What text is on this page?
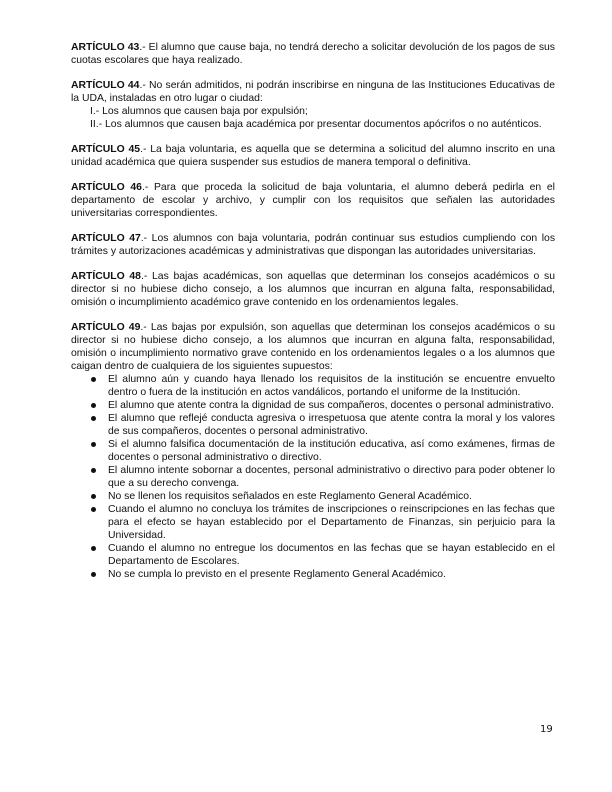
ARTÍCULO 43.- El alumno que cause baja, no tendrá derecho a solicitar devolución de los pagos de sus cuotas escolares que haya realizado.

ARTÍCULO 44.- No serán admitidos, ni podrán inscribirse en ninguna de las Instituciones Educativas de la UDA, instaladas en otro lugar o ciudad:
I.- Los alumnos que causen baja por expulsión;
II.- Los alumnos que causen baja académica por presentar documentos apócrifos o no auténticos.

ARTÍCULO 45.- La baja voluntaria, es aquella que se determina a solicitud del alumno inscrito en una unidad académica que quiera suspender sus estudios de manera temporal o definitiva.

ARTÍCULO 46.- Para que proceda la solicitud de baja voluntaria, el alumno deberá pedirla en el departamento de escolar y archivo, y cumplir con los requisitos que señalen las autoridades universitarias correspondientes.

ARTÍCULO 47.- Los alumnos con baja voluntaria, podrán continuar sus estudios cumpliendo con los trámites y autorizaciones académicas y administrativas que dispongan las autoridades universitarias.

ARTÍCULO 48.- Las bajas académicas, son aquellas que determinan los consejos académicos o su director si no hubiese dicho consejo, a los alumnos que incurran en alguna falta, responsabilidad, omisión o incumplimiento académico grave contenido en los ordenamientos legales.

ARTÍCULO 49.- Las bajas por expulsión, son aquellas que determinan los consejos académicos o su director si no hubiese dicho consejo, a los alumnos que incurran en alguna falta, responsabilidad, omisión o incumplimiento normativo grave contenido en los ordenamientos legales o a los alumnos que caigan dentro de cualquiera de los siguientes supuestos:
El alumno aún y cuando haya llenado los requisitos de la institución se encuentre envuelto dentro o fuera de la institución en actos vandálicos, portando el uniforme de la Institución.
El alumno que atente contra la dignidad de sus compañeros, docentes o personal administrativo.
El alumno que reflejé conducta agresiva o irrespetuosa que atente contra la moral y los valores de sus compañeros, docentes o personal administrativo.
Si el alumno falsifica documentación de la institución educativa, así como exámenes, firmas de docentes o personal administrativo o directivo.
El alumno intente sobornar a docentes, personal administrativo o directivo para poder obtener lo que a su derecho convenga.
No se llenen los requisitos señalados en este Reglamento General Académico.
Cuando el alumno no concluya los trámites de inscripciones o reinscripciones en las fechas que para el efecto se hayan establecido por el Departamento de Finanzas, sin perjuicio para la Universidad.
Cuando el alumno no entregue los documentos en las fechas que se hayan establecido en el Departamento de Escolares.
No se cumpla lo previsto en el presente Reglamento General Académico.
19
